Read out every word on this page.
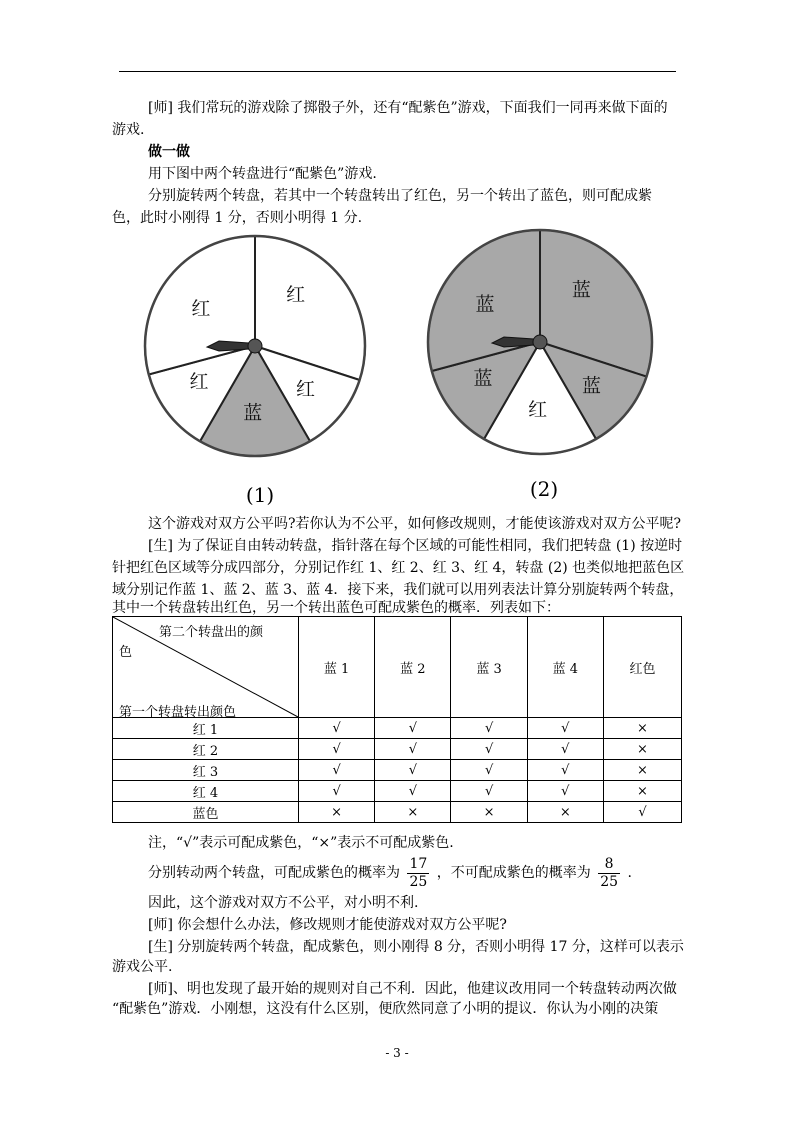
[师] 我们常玩的游戏除了掷骰子外，还有“配紫色”游戏，下面我们一同再来做下面的
游戏.
做一做
用下图中两个转盘进行“配紫色”游戏.
分别旋转两个转盘，若其中一个转盘转出了红色，另一个转出了蓝色，则可配成紫
色，此时小刚得 1 分，否则小明得 1 分.
红
红
蓝
红
红
蓝
蓝
红
蓝
蓝
(1)	(2)
这个游戏对双方公平吗?若你认为不公平，如何修改规则，才能使该游戏对双方公平呢?
[生] 为了保证自由转动转盘，指针落在每个区域的可能性相同，我们把转盘 (1) 按逆时
针把红色区域等分成四部分，分别记作红 1、红 2、红 3、红 4，转盘 (2) 也类似地把蓝色区
域分别记作蓝 1、蓝 2、蓝 3、蓝 4．接下来，我们就可以用列表法计算分别旋转两个转盘，
其中一个转盘转出红色，另一个转出蓝色可配成紫色的概率．列表如下：
第二个转盘出的颜
色
第一个转盘转出颜色	蓝 1	蓝 2	蓝 3	蓝 4	红色
红 1	√	√	√	√	×
红 2	√	√	√	√	×
红 3	√	√	√	√	×
红 4	√	√	√	√	×
蓝色	×	×	×	×	√
注，“√”表示可配成紫色，“×”表示不可配成紫色.
分别转动两个转盘，可配成紫色的概率为 $\frac{17}{25}$ ，不可配成紫色的概率为 $\frac{8}{25}$ .
因此，这个游戏对双方不公平，对小明不利.
[师] 你会想什么办法，修改规则才能使游戏对双方公平呢?
[生] 分别旋转两个转盘，配成紫色，则小刚得 8 分，否则小明得 17 分，这样可以表示
游戏公平.
[师]、明也发现了最开始的规则对自己不利．因此，他建议改用同一个转盘转动两次做
“配紫色”游戏．小刚想，这没有什么区别，便欣然同意了小明的提议．你认为小刚的决策
- 3 -
